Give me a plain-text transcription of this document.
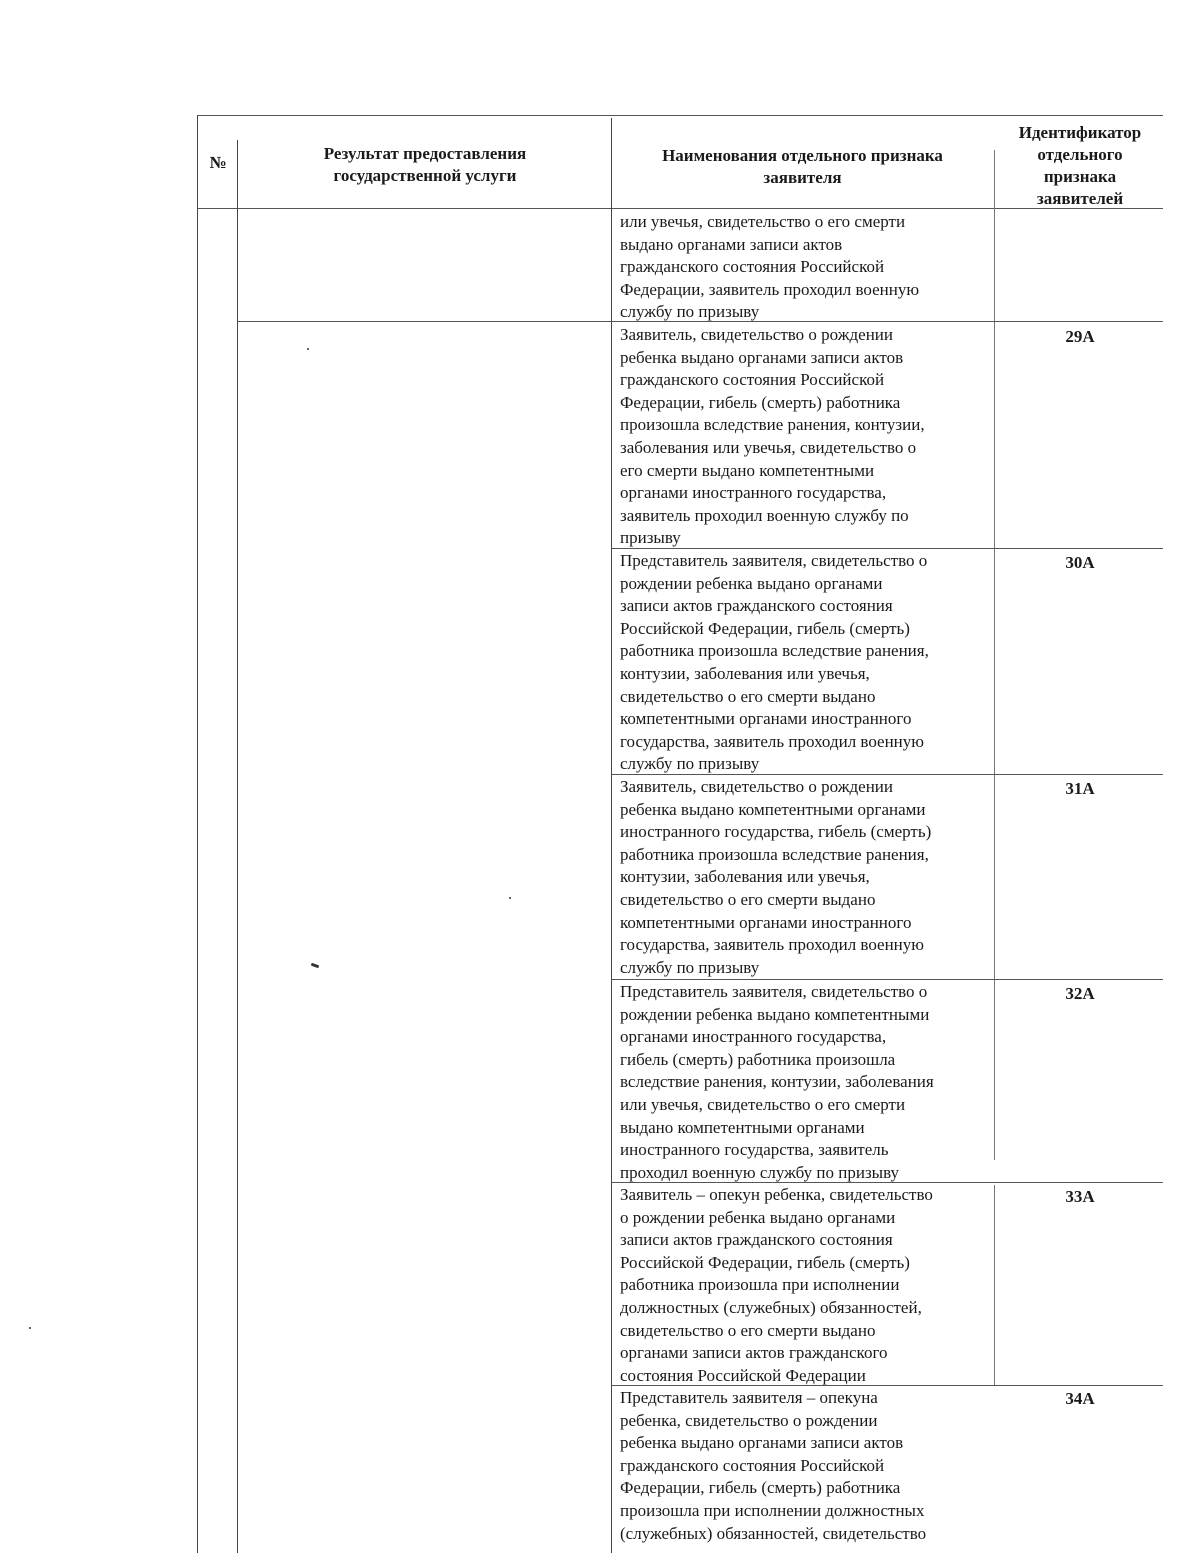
№	Результат предоставления государственной услуги
Наименования отдельного признака заявителя
Идентификатор отдельного признака заявителей
или увечья, свидетельство о его смерти
выдано органами записи актов
гражданского состояния Российской
Федерации, заявитель проходил военную
службу по призыву
Заявитель, свидетельство о рождении
ребенка выдано органами записи актов
гражданского состояния Российской
Федерации, гибель (смерть) работника
произошла вследствие ранения, контузии,
заболевания или увечья, свидетельство о
его смерти выдано компетентными
органами иностранного государства,
заявитель проходил военную службу по
призыву
29А
Представитель заявителя, свидетельство о
рождении ребенка выдано органами
записи актов гражданского состояния
Российской Федерации, гибель (смерть)
работника произошла вследствие ранения,
контузии, заболевания или увечья,
свидетельство о его смерти выдано
компетентными органами иностранного
государства, заявитель проходил военную
службу по призыву
30А
Заявитель, свидетельство о рождении
ребенка выдано компетентными органами
иностранного государства, гибель (смерть)
работника произошла вследствие ранения,
контузии, заболевания или увечья,
свидетельство о его смерти выдано
компетентными органами иностранного
государства, заявитель проходил военную
службу по призыву
31А
Представитель заявителя, свидетельство о
рождении ребенка выдано компетентными
органами иностранного государства,
гибель (смерть) работника произошла
вследствие ранения, контузии, заболевания
или увечья, свидетельство о его смерти
выдано компетентными органами
иностранного государства, заявитель
проходил военную службу по призыву
32А
Заявитель – опекун ребенка, свидетельство
о рождении ребенка выдано органами
записи актов гражданского состояния
Российской Федерации, гибель (смерть)
работника произошла при исполнении
должностных (служебных) обязанностей,
свидетельство о его смерти выдано
органами записи актов гражданского
состояния Российской Федерации
33А
Представитель заявителя – опекуна
ребенка, свидетельство о рождении
ребенка выдано органами записи актов
гражданского состояния Российской
Федерации, гибель (смерть) работника
произошла при исполнении должностных
(служебных) обязанностей, свидетельство
34А
